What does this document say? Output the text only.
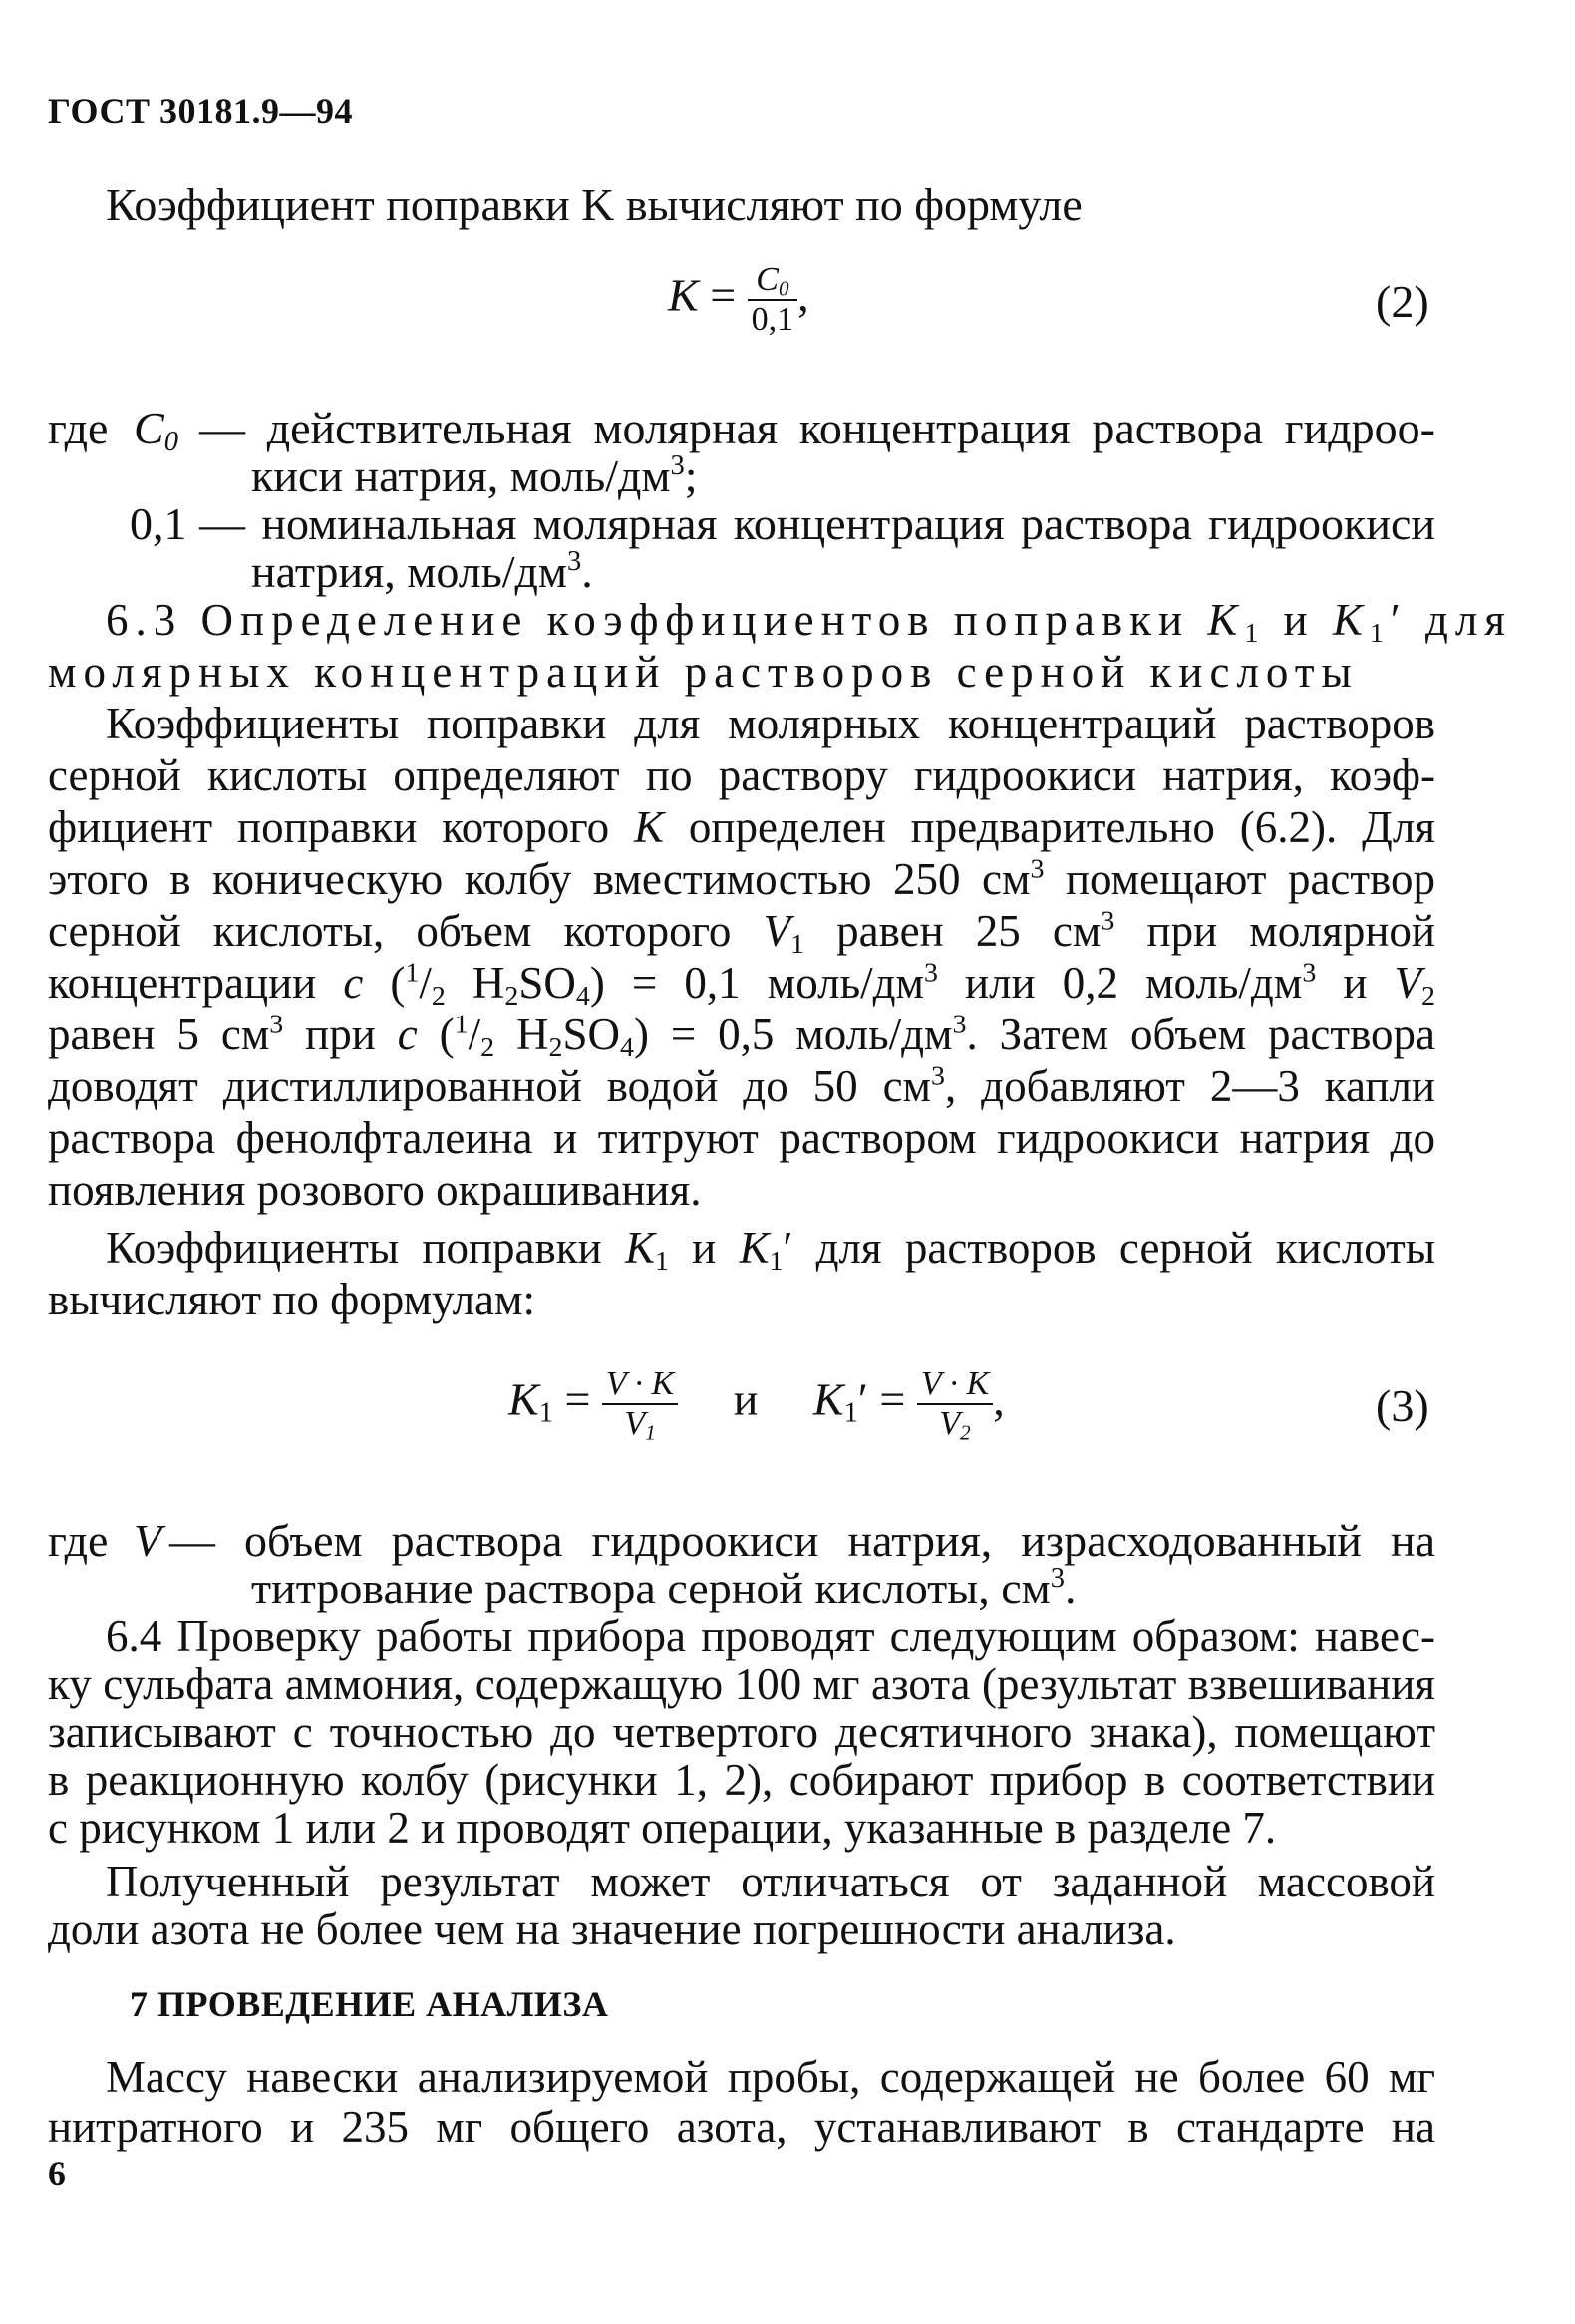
ГОСТ 30181.9—94
Коэффициент поправки K вычисляют по формуле
$K = \frac{C_0}{0,1}$ ,	(2)
где $C_0$ — действительная молярная концентрация раствора гидроо-
киси натрия, моль/$дм^3$;
0,1 — номинальная молярная концентрация раствора гидроокиси
натрия, моль/$дм^3$.
6.3 Определение коэффициентов поправки $K_1$ и $K_1'$ для
молярных концентраций растворов серной кислоты
Коэффициенты поправки для молярных концентраций растворов
серной кислоты определяют по раствору гидроокиси натрия, коэф-
фициент поправки которого K определен предварительно (6.2). Для
этого в коническую колбу вместимостью 250 $см^3$ помещают раствор
серной кислоты, объем которого $V_1$ равен 25 $см^3$ при молярной
концентрации c ($^1/_2$ $H_2SO_4) = 0,1$ моль/$дм^3$ или 0,2 моль/$дм^3$ и $V_2$
равен 5 $см^3$ при c ($^1/_2$ $H_2SO_4) = 0,5$ моль/$дм^3$. Затем объем раствора
доводят дистиллированной водой до 50 $см^3$, добавляют 2—3 капли
раствора фенолфталеина и титруют раствором гидроокиси натрия до
появления розового окрашивания.
Коэффициенты поправки $K_1$ и $K_1'$ для растворов серной кислоты
вычисляют по формулам:
$K_1 = \frac{V \cdot K}{V_1}$ и $K_1' = \frac{V \cdot K}{V_2}$ ,	(3)
где V — объем раствора гидроокиси натрия, израсходованный на
титрование раствора серной кислоты, $см^3$.
6.4 Проверку работы прибора проводят следующим образом: навес-
ку сульфата аммония, содержащую 100 мг азота (результат взвешивания
записывают с точностью до четвертого десятичного знака), помещают
в реакционную колбу (рисунки 1, 2), собирают прибор в соответствии
с рисунком 1 или 2 и проводят операции, указанные в разделе 7.
Полученный результат может отличаться от заданной массовой
доли азота не более чем на значение погрешности анализа.
7 ПРОВЕДЕНИЕ АНАЛИЗА
Массу навески анализируемой пробы, содержащей не более 60 мг
нитратного и 235 мг общего азота, устанавливают в стандарте на
6
